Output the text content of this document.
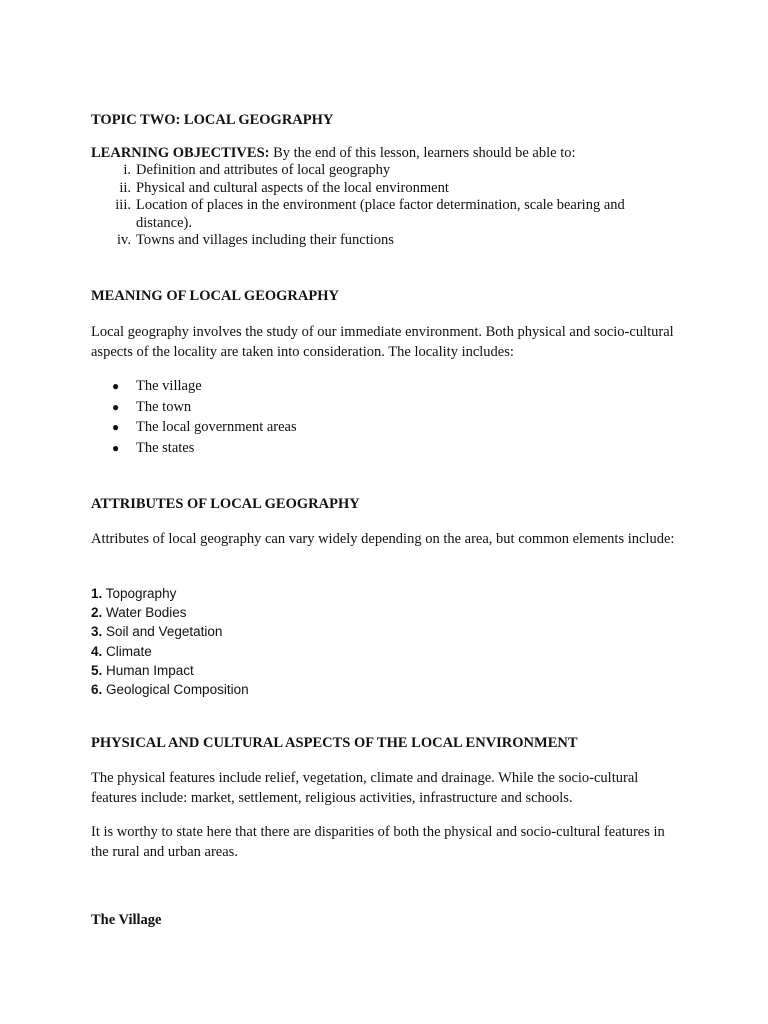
TOPIC TWO: LOCAL GEOGRAPHY

LEARNING OBJECTIVES: By the end of this lesson, learners should be able to:

i. Definition and attributes of local geography
ii. Physical and cultural aspects of the local environment
iii. Location of places in the environment (place factor determination, scale bearing and distance).
iv. Towns and villages including their functions

MEANING OF LOCAL GEOGRAPHY

Local geography involves the study of our immediate environment. Both physical and socio-cultural aspects of the locality are taken into consideration. The locality includes:

● The village
● The town
● The local government areas
● The states

ATTRIBUTES OF LOCAL GEOGRAPHY

Attributes of local geography can vary widely depending on the area, but common elements include:

1. Topography
2. Water Bodies
3. Soil and Vegetation
4. Climate
5. Human Impact
6. Geological Composition

PHYSICAL AND CULTURAL ASPECTS OF THE LOCAL ENVIRONMENT

The physical features include relief, vegetation, climate and drainage. While the socio-cultural features include: market, settlement, religious activities, infrastructure and schools.

It is worthy to state here that there are disparities of both the physical and socio-cultural features in the rural and urban areas.

The Village
